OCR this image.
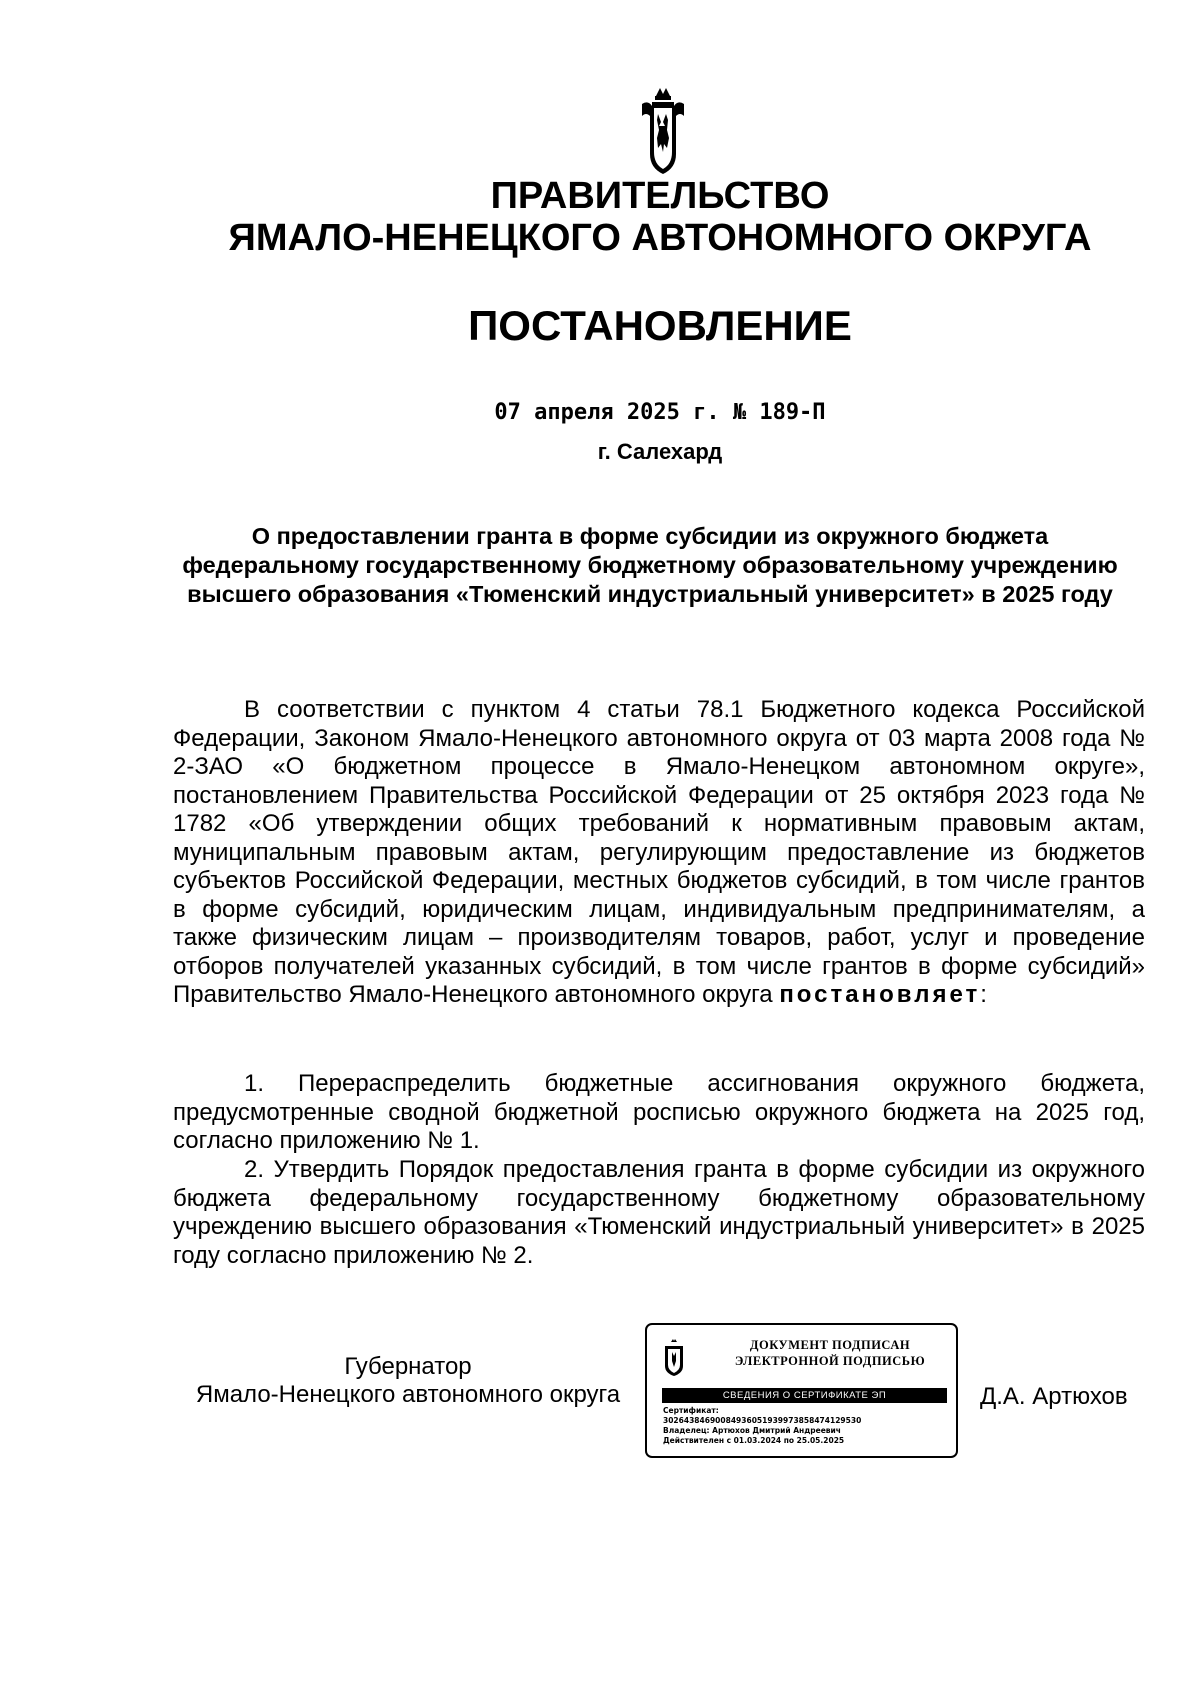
ПРАВИТЕЛЬСТВО
ЯМАЛО-НЕНЕЦКОГО АВТОНОМНОГО ОКРУГА
ПОСТАНОВЛЕНИЕ
07 апреля 2025 г. № 189-П
г. Салехард
О предоставлении гранта в форме субсидии из окружного бюджета федеральному государственному бюджетному образовательному учреждению высшего образования «Тюменский индустриальный университет» в 2025 году

В соответствии с пунктом 4 статьи 78.1 Бюджетного кодекса Российской Федерации, Законом Ямало-Ненецкого автономного округа от 03 марта 2008 года № 2-ЗАО «О бюджетном процессе в Ямало-Ненецком автономном округе», постановлением Правительства Российской Федерации от 25 октября 2023 года № 1782 «Об утверждении общих требований к нормативным правовым актам, муниципальным правовым актам, регулирующим предоставление из бюджетов субъектов Российской Федерации, местных бюджетов субсидий, в том числе грантов в форме субсидий, юридическим лицам, индивидуальным предпринимателям, а также физическим лицам – производителям товаров, работ, услуг и проведение отборов получателей указанных субсидий, в том числе грантов в форме субсидий» Правительство Ямало-Ненецкого автономного округа постановляет:

1. Перераспределить бюджетные ассигнования окружного бюджета, предусмотренные сводной бюджетной росписью окружного бюджета на 2025 год, согласно приложению № 1.

2. Утвердить Порядок предоставления гранта в форме субсидии из окружного бюджета федеральному государственному бюджетному образовательному учреждению высшего образования «Тюменский индустриальный университет» в 2025 году согласно приложению № 2.

Губернатор
Ямало-Ненецкого автономного округа
ДОКУМЕНТ ПОДПИСАН
ЭЛЕКТРОННОЙ ПОДПИСЬЮ
СВЕДЕНИЯ О СЕРТИФИКАТЕ ЭП
Сертификат:
30264384690084936051939973858474129530
Владелец: Артюхов Дмитрий Андреевич
Действителен с 01.03.2024 по 25.05.2025
Д.А. Артюхов
